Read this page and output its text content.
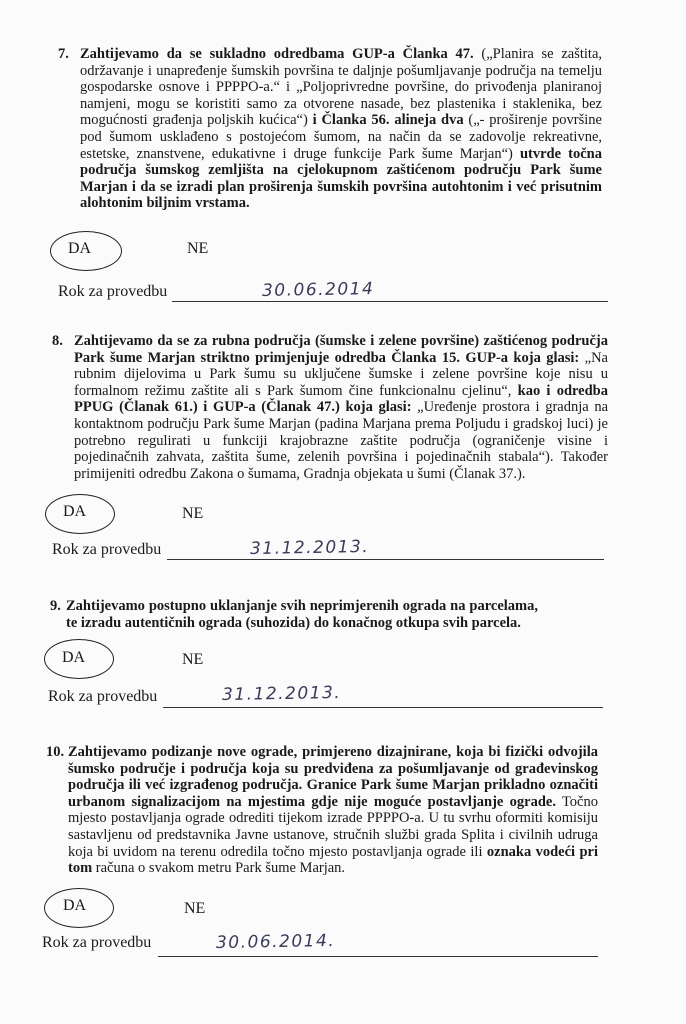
7. Zahtijevamo da se sukladno odredbama GUP-a Članka 47. („Planira se zaštita, održavanje i unapređenje šumskih površina te daljnje pošumljavanje područja na temelju gospodarske osnove i PPPPO-a.“ i „Poljoprivredne površine, do privođenja planiranoj namjeni, mogu se koristiti samo za otvorene nasade, bez plastenika i staklenika, bez mogućnosti građenja poljskih kućica“) i Članka 56. alineja dva („- proširenje površine pod šumom usklađeno s postojećom šumom, na način da se zadovolje rekreativne, estetske, znanstvene, edukativne i druge funkcije Park šume Marjan“) utvrde točna područja šumskog zemljišta na cjelokupnom zaštićenom području Park šume Marjan i da se izradi plan proširenja šumskih površina autohtonim i već prisutnim alohtonim biljnim vrstama.
DA	NE
Rok za provedbu	30.06.2014
8. Zahtijevamo da se za rubna područja (šumske i zelene površine) zaštićenog područja Park šume Marjan striktno primjenjuje odredba Članka 15. GUP-a koja glasi: „Na rubnim dijelovima u Park šumu su uključene šumske i zelene površine koje nisu u formalnom režimu zaštite ali s Park šumom čine funkcionalnu cjelinu“, kao i odredba PPUG (Članak 61.) i GUP-a (Članak 47.) koja glasi: „Uređenje prostora i gradnja na kontaktnom području Park šume Marjan (padina Marjana prema Poljudu i gradskoj luci) je potrebno regulirati u funkciji krajobrazne zaštite područja (ograničenje visine i pojedinačnih zahvata, zaštita šume, zelenih površina i pojedinačnih stabala“). Također primijeniti odredbu Zakona o šumama, Gradnja objekata u šumi (Članak 37.).
DA	NE
Rok za provedbu	31.12.2013.
9. Zahtijevamo postupno uklanjanje svih neprimjerenih ograda na parcelama, te izradu autentičnih ograda (suhozida) do konačnog otkupa svih parcela.
DA	NE
Rok za provedbu	31.12.2013.
10. Zahtijevamo podizanje nove ograde, primjereno dizajnirane, koja bi fizički odvojila šumsko područje i područja koja su predviđena za pošumljavanje od građevinskog područja ili već izgrađenog područja. Granice Park šume Marjan prikladno označiti urbanom signalizacijom na mjestima gdje nije moguće postavljanje ograde. Točno mjesto postavljanja ograde odrediti tijekom izrade PPPPO-a. U tu svrhu oformiti komisiju sastavljenu od predstavnika Javne ustanove, stručnih službi grada Splita i civilnih udruga koja bi uvidom na terenu odredila točno mjesto postavljanja ograde ili oznaka vodeći pri tom računa o svakom metru Park šume Marjan.
DA	NE
Rok za provedbu	30.06.2014.
